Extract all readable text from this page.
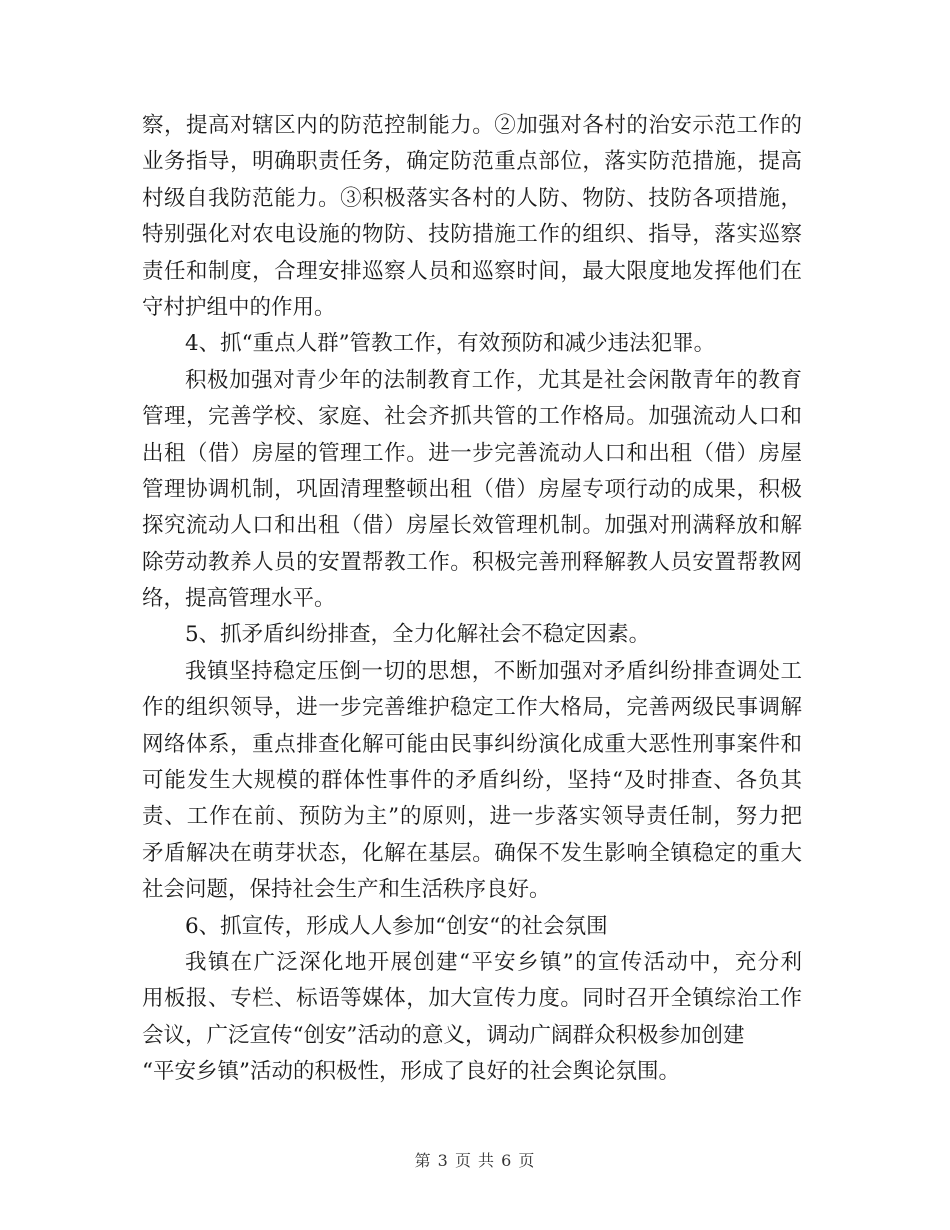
察，提高对辖区内的防范控制能力。②加强对各村的治安示范工作的
业务指导，明确职责任务，确定防范重点部位，落实防范措施，提高
村级自我防范能力。③积极落实各村的人防、物防、技防各项措施，
特别强化对农电设施的物防、技防措施工作的组织、指导，落实巡察
责任和制度，合理安排巡察人员和巡察时间，最大限度地发挥他们在
守村护组中的作用。
4、抓“重点人群”管教工作，有效预防和减少违法犯罪。
积极加强对青少年的法制教育工作，尤其是社会闲散青年的教育
管理，完善学校、家庭、社会齐抓共管的工作格局。加强流动人口和
出租（借）房屋的管理工作。进一步完善流动人口和出租（借）房屋
管理协调机制，巩固清理整顿出租（借）房屋专项行动的成果，积极
探究流动人口和出租（借）房屋长效管理机制。加强对刑满释放和解
除劳动教养人员的安置帮教工作。积极完善刑释解教人员安置帮教网
络，提高管理水平。
5、抓矛盾纠纷排查，全力化解社会不稳定因素。
我镇坚持稳定压倒一切的思想，不断加强对矛盾纠纷排查调处工
作的组织领导，进一步完善维护稳定工作大格局，完善两级民事调解
网络体系，重点排查化解可能由民事纠纷演化成重大恶性刑事案件和
可能发生大规模的群体性事件的矛盾纠纷，坚持“及时排查、各负其
责、工作在前、预防为主”的原则，进一步落实领导责任制，努力把
矛盾解决在萌芽状态，化解在基层。确保不发生影响全镇稳定的重大
社会问题，保持社会生产和生活秩序良好。
6、抓宣传，形成人人参加“创安“的社会氛围
我镇在广泛深化地开展创建“平安乡镇”的宣传活动中，充分利
用板报、专栏、标语等媒体，加大宣传力度。同时召开全镇综治工作
会议，广泛宣传“创安”活动的意义，调动广阔群众积极参加创建
“平安乡镇”活动的积极性，形成了良好的社会舆论氛围。
第 3 页 共 6 页
